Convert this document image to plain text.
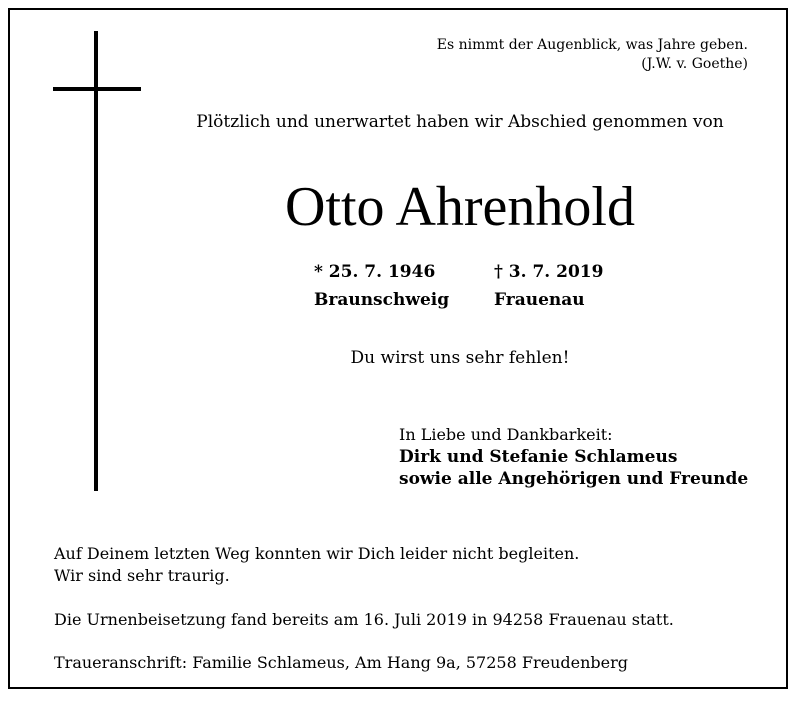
Es nimmt der Augenblick, was Jahre geben.
(J.W. v. Goethe)
Plötzlich und unerwartet haben wir Abschied genommen von
Otto Ahrenhold
* 25. 7. 1946
Braunschweig
† 3. 7. 2019
Frauenau
Du wirst uns sehr fehlen!
In Liebe und Dankbarkeit:
Dirk und Stefanie Schlameus
sowie alle Angehörigen und Freunde
Auf Deinem letzten Weg konnten wir Dich leider nicht begleiten.
Wir sind sehr traurig.
Die Urnenbeisetzung fand bereits am 16. Juli 2019 in 94258 Frauenau statt.
Traueranschrift: Familie Schlameus, Am Hang 9a, 57258 Freudenberg
